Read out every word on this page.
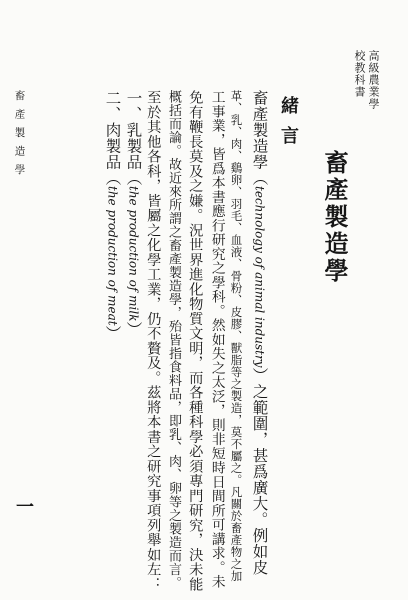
高級農業學
校教科書
畜產製造學
緒言
畜產製造學（technology of animal industry）之範圍，甚爲廣大。例如皮
革、乳、肉、鷄卵、羽毛、血液、骨粉、皮膠、獸脂等之製造，莫不屬之。凡關於畜產物之加
工事業，皆爲本書應行研究之學科。然如失之太泛，則非短時日間所可講求。未
免有鞭長莫及之嫌。況世界進化物質文明，而各種科學必須專門研究，決未能
概括而論。故近來所謂之畜產製造學，殆皆指食料品，即乳、肉、卵等之製造而言。
至於其他各科，皆屬之化學工業，仍不贅及。茲將本書之研究事項列舉如左：
一、乳製品（the production of milk）
二、肉製品（the production of meat）
畜產製造學
一
